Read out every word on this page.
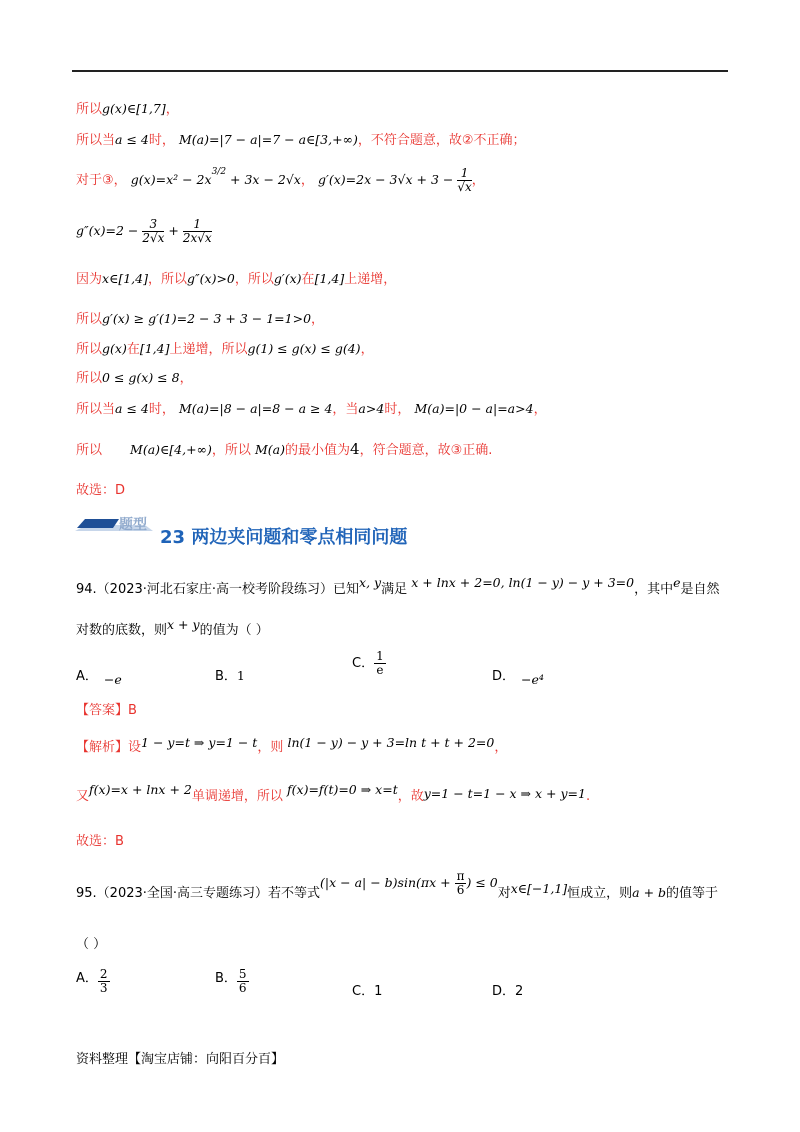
所以g(x)∈[1,7]，
所以当a ≤ 4时， M(a)=|7 − a|=7 − a∈[3,+∞)，不符合题意，故②不正确；
对于③， $g(x)=x^2 - 2x^{3/2} + 3x - 2√x$， $g'(x)=2x - 3√x + 3 - \frac{1}{√x}$ ，
$g''(x)=2 - \frac{3}{2√x} + \frac{1}{2x√x}$
因为x∈[1,4]，所以g″(x)>0，所以g′(x)在[1,4]上递增，
所以g′(x) ≥ g′(1)=2 − 3 + 3 − 1=1>0，
所以g(x)在[1,4]上递增，所以g(1) ≤ g(x) ≤ g(4)，
所以0 ≤ g(x) ≤ 8，
所以当a ≤ 4时， M(a)=|8 − a|=8 − a ≥ 4，当a>4时， M(a)=|0 − a|=a>4，
所以 M(a)∈[4,+∞)，所以 M(a)的最小值为4，符合题意，故③正确.
故选：D
题型
23 两边夹问题和零点相同问题
94.（2023·河北石家庄·高一校考阶段练习）已知x, y满足 x + lnx + 2=0, ln(1 − y) − y + 3=0，其中e是自然
对数的底数，则x + y的值为（ ）
A． −e	B．1
C． $\frac{1}{e}$	D． −e⁴
【答案】B
【解析】设1 − y=t ⇒ y=1 − t，则 ln(1 − y) − y + 3=ln t + t + 2=0，
又f(x)=x + lnx + 2单调递增，所以 f(x)=f(t)=0 ⇒ x=t，故y=1 − t=1 − x ⇒ x + y=1.
故选：B
95.（2023·全国·高三专题练习）若不等式$(|x - a| - b)\sin(\pi x + \frac{\pi}{6}$ ) ≤ 0对x∈[−1,1]恒成立，则a + b的值等于
（ ）
A． $\frac{2}{3}$	B． $\frac{5}{6}$	C．1	D．2
资料整理【淘宝店铺：向阳百分百】
